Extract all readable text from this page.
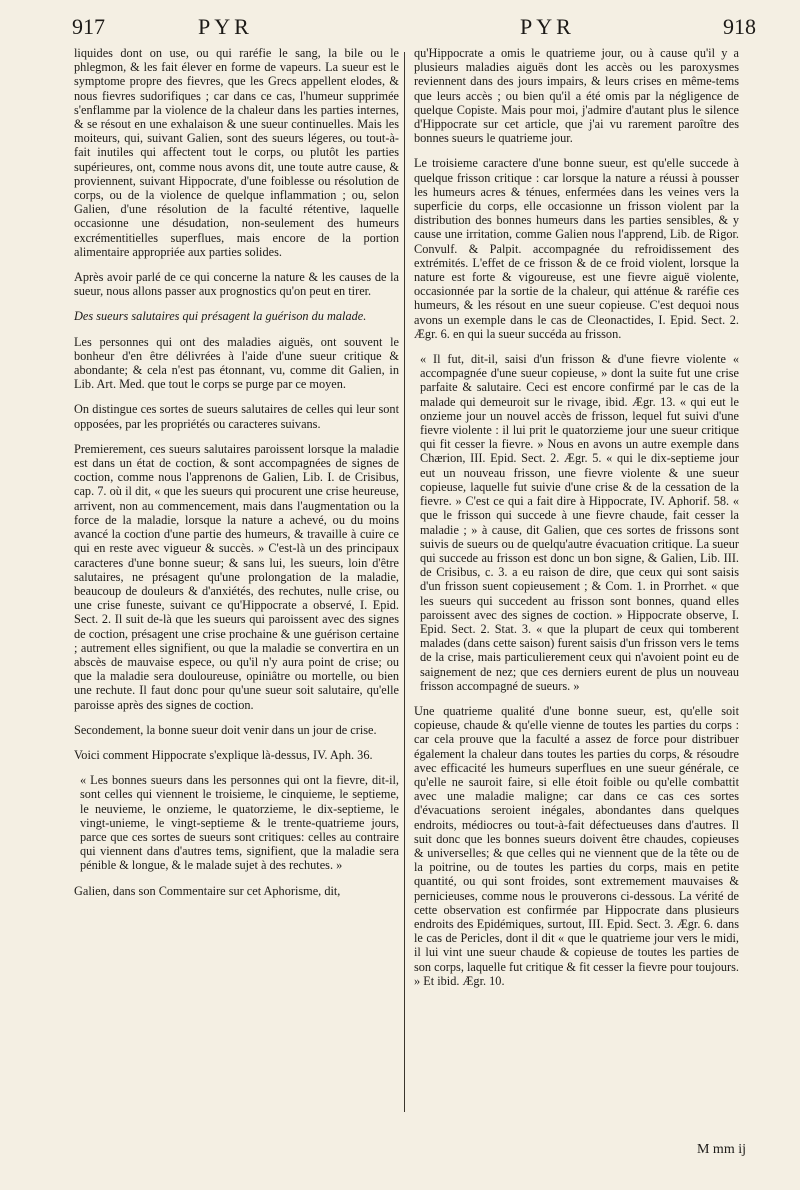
917	PYR	PYR	918

liquides dont on use, ou qui raréfie le sang, la bile ou le phlegmon, & les fait élever en forme de vapeurs. La sueur est le symptome propre des fievres, que les Grecs appellent elodes, & nous fievres sudorifiques ; car dans ce cas, l'humeur supprimée s'enflamme par la violence de la chaleur dans les parties internes, & se résout en une exhalaison & une sueur continuelles. Mais les moiteurs, qui, suivant Galien, sont des sueurs légeres, ou tout-à-fait inutiles qui affectent tout le corps, ou plutôt les parties supérieures, ont, comme nous avons dit, une toute autre cause, & proviennent, suivant Hippocrate, d'une foiblesse ou résolution de corps, ou de la violence de quelque inflammation ; ou, selon Galien, d'une résolution de la faculté rétentive, laquelle occasionne une désudation, non-seulement des humeurs excrémentitielles superflues, mais encore de la portion alimentaire appropriée aux parties solides.

Après avoir parlé de ce qui concerne la nature & les causes de la sueur, nous allons passer aux prognostics qu'on peut en tirer.

Des sueurs salutaires qui présagent la guérison du malade.

Les personnes qui ont des maladies aiguës, ont souvent le bonheur d'en être délivrées à l'aide d'une sueur critique & abondante; & cela n'est pas étonnant, vu, comme dit Galien, in Lib. Art. Med. que tout le corps se purge par ce moyen.

On distingue ces sortes de sueurs salutaires de celles qui leur sont opposées, par les propriétés ou caracteres suivans.

Premierement, ces sueurs salutaires paroissent lorsque la maladie est dans un état de coction, & sont accompagnées de signes de coction, comme nous l'apprenons de Galien, Lib. I. de Crisibus, cap. 7. où il dit, « que les sueurs qui procurent une crise heureuse, arrivent, non au commencement, mais dans l'augmentation ou la force de la maladie, lorsque la nature a achevé, ou du moins avancé la coction d'une partie des humeurs, & travaille à cuire ce qui en reste avec vigueur & succès. » C'est-là un des principaux caracteres d'une bonne sueur; & sans lui, les sueurs, loin d'être salutaires, ne présagent qu'une prolongation de la maladie, beaucoup de douleurs & d'anxiétés, des rechutes, nulle crise, ou une crise funeste, suivant ce qu'Hippocrate a observé, I. Epid. Sect. 2. Il suit de-là que les sueurs qui paroissent avec des signes de coction, présagent une crise prochaine & une guérison certaine ; autrement elles signifient, ou que la maladie se convertira en un abscès de mauvaise espece, ou qu'il n'y aura point de crise; ou que la maladie sera douloureuse, opiniâtre ou mortelle, ou bien une rechute. Il faut donc pour qu'une sueur soit salutaire, qu'elle paroisse après des signes de coction.

Secondement, la bonne sueur doit venir dans un jour de crise.

Voici comment Hippocrate s'explique là-dessus, IV. Aph. 36.

« Les bonnes sueurs dans les personnes qui ont la fievre, dit-il, sont celles qui viennent le troisieme, le cinquieme, le septieme, le neuvieme, le onzieme, le quatorzieme, le dix-septieme, le vingt-unieme, le vingt-septieme & le trente-quatrieme jours, parce que ces sortes de sueurs sont critiques: celles au contraire qui viennent dans d'autres tems, signifient, que la maladie sera pénible & longue, & le malade sujet à des rechutes. »

Galien, dans son Commentaire sur cet Aphorisme, dit,

qu'Hippocrate a omis le quatrieme jour, ou à cause qu'il y a plusieurs maladies aiguës dont les accès ou les paroxysmes reviennent dans des jours impairs, & leurs crises en même-tems que leurs accès ; ou bien qu'il a été omis par la négligence de quelque Copiste. Mais pour moi, j'admire d'autant plus le silence d'Hippocrate sur cet article, que j'ai vu rarement paroître des bonnes sueurs le quatrieme jour.

Le troisieme caractere d'une bonne sueur, est qu'elle succede à quelque frisson critique : car lorsque la nature a réussi à pousser les humeurs acres & ténues, enfermées dans les veines vers la superficie du corps, elle occasionne un frisson violent par la distribution des bonnes humeurs dans les parties sensibles, & y cause une irritation, comme Galien nous l'apprend, Lib. de Rigor. Convulf. & Palpit. accompagnée du refroidissement des extrémités. L'effet de ce frisson & de ce froid violent, lorsque la nature est forte & vigoureuse, est une fievre aiguë violente, occasionnée par la sortie de la chaleur, qui atténue & raréfie ces humeurs, & les résout en une sueur copieuse. C'est dequoi nous avons un exemple dans le cas de Cleonactides, I. Epid. Sect. 2. Ægr. 6. en qui la sueur succéda au frisson.

« Il fut, dit-il, saisi d'un frisson & d'une fievre violente « accompagnée d'une sueur copieuse, » dont la suite fut une crise parfaite & salutaire. Ceci est encore confirmé par le cas de la malade qui demeuroit sur le rivage, ibid. Ægr. 13. « qui eut le onzieme jour un nouvel accès de frisson, lequel fut suivi d'une fievre violente : il lui prit le quatorzieme jour une sueur critique qui fit cesser la fievre. » Nous en avons un autre exemple dans Chærion, III. Epid. Sect. 2. Ægr. 5. « qui le dix-septieme jour eut un nouveau frisson, une fievre violente & une sueur copieuse, laquelle fut suivie d'une crise & de la cessation de la fievre. » C'est ce qui a fait dire à Hippocrate, IV. Aphorif. 58. « que le frisson qui succede à une fievre chaude, fait cesser la maladie ; » à cause, dit Galien, que ces sortes de frissons sont suivis de sueurs ou de quelqu'autre évacuation critique. La sueur qui succede au frisson est donc un bon signe, & Galien, Lib. III. de Crisibus, c. 3. a eu raison de dire, que ceux qui sont saisis d'un frisson suent copieusement ; & Com. 1. in Prorrhet. « que les sueurs qui succedent au frisson sont bonnes, quand elles paroissent avec des signes de coction. » Hippocrate observe, I. Epid. Sect. 2. Stat. 3. « que la plupart de ceux qui tomberent malades (dans cette saison) furent saisis d'un frisson vers le tems de la crise, mais particulierement ceux qui n'avoient point eu de saignement de nez; que ces derniers eurent de plus un nouveau frisson accompagné de sueurs. »

Une quatrieme qualité d'une bonne sueur, est, qu'elle soit copieuse, chaude & qu'elle vienne de toutes les parties du corps : car cela prouve que la faculté a assez de force pour distribuer également la chaleur dans toutes les parties du corps, & résoudre avec efficacité les humeurs superflues en une sueur générale, ce qu'elle ne sauroit faire, si elle étoit foible ou qu'elle combattit avec une maladie maligne; car dans ce cas ces sortes d'évacuations seroient inégales, abondantes dans quelques endroits, médiocres ou tout-à-fait défectueuses dans d'autres. Il suit donc que les bonnes sueurs doivent être chaudes, copieuses & universelles; & que celles qui ne viennent que de la tête ou de la poitrine, ou de toutes les parties du corps, mais en petite quantité, ou qui sont froides, sont extremement mauvaises & pernicieuses, comme nous le prouverons ci-dessous. La vérité de cette observation est confirmée par Hippocrate dans plusieurs endroits des Epidémiques, surtout, III. Epid. Sect. 3. Ægr. 6. dans le cas de Pericles, dont il dit « que le quatrieme jour vers le midi, il lui vint une sueur chaude & copieuse de toutes les parties de son corps, laquelle fut critique & fit cesser la fievre pour toujours. » Et ibid. Ægr. 10.

M mm ij
